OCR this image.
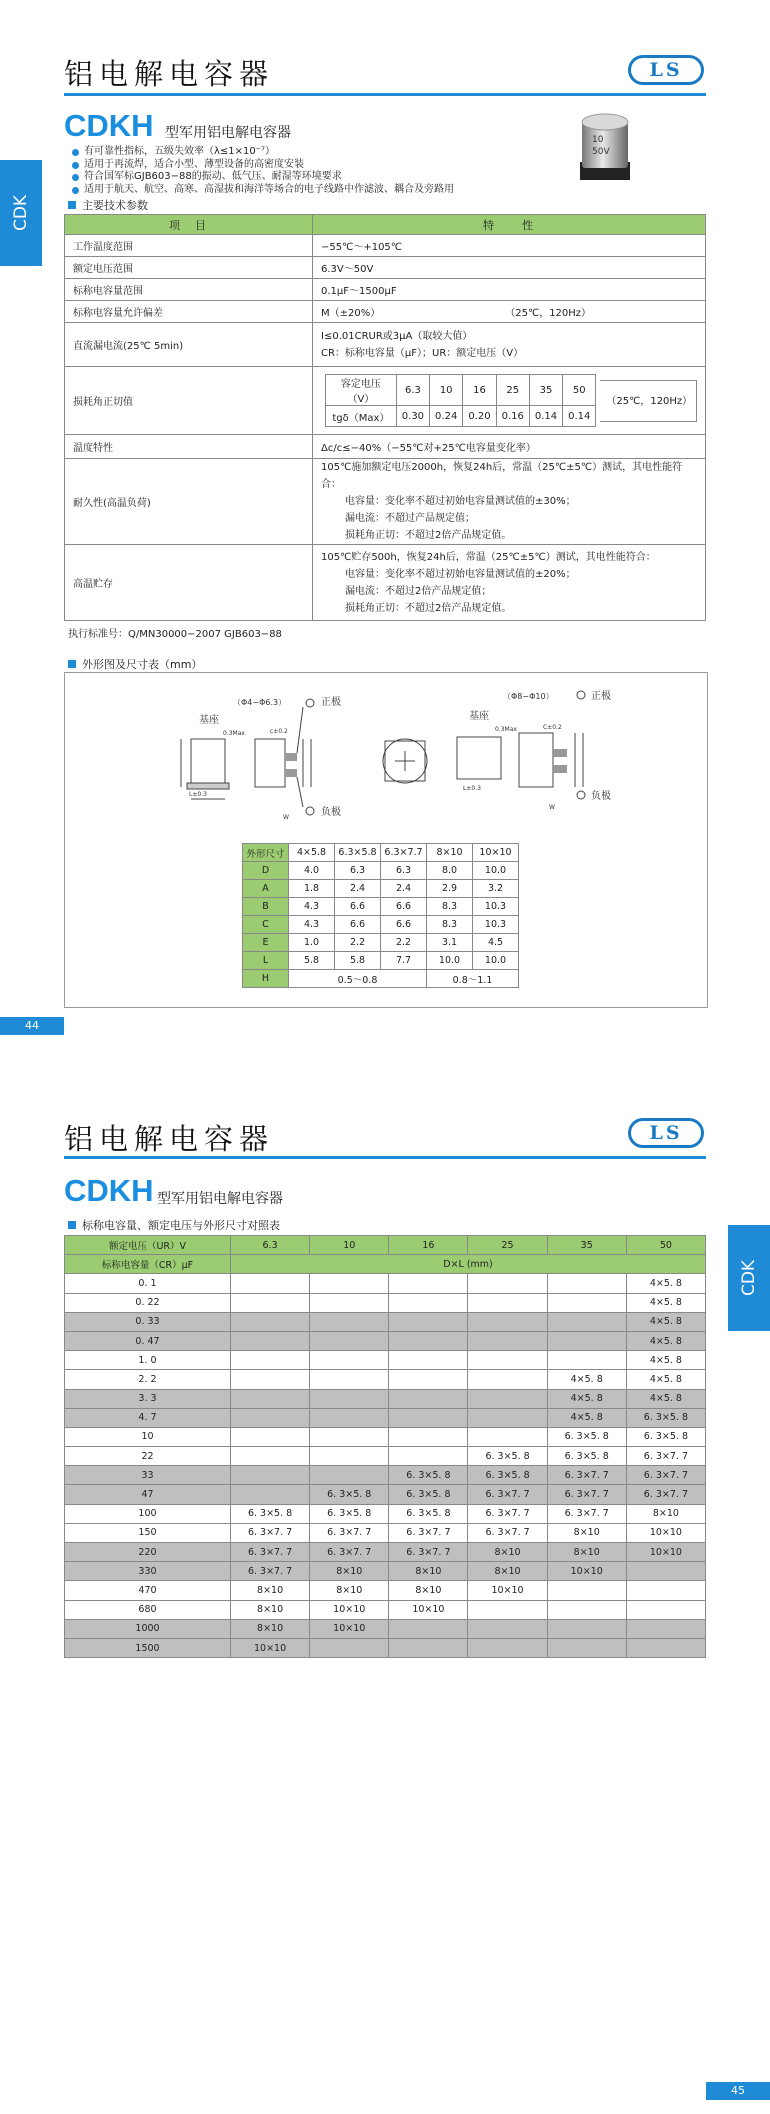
铝电解电容器	LS
CDK
CDKH 型军用铝电解电容器	10
50V
有可靠性指标，五级失效率（λ≤1×10⁻⁷）
适用于再流焊，适合小型、薄型设备的高密度安装
符合国军标GJB603−88的振动、低气压、耐湿等环境要求
适用于航天、航空、高寒、高湿拔和海洋等场合的电子线路中作滤波、耦合及旁路用
主要技术参数
项　目	特　　性
工作温度范围	−55℃～+105℃
额定电压范围	6.3V～50V
标称电容量范围	0.1μF～1500μF
标称电容量允许偏差	M（±20%）	（25℃，120Hz）
直流漏电流(25℃ 5min)	
I≤0.01CRUR或3μA（取较大值）
CR：标称电容量（μF）；UR：额定电压（V）

损耗角正切值	
容定电压（V）	6.3	10	16	25	35	50
tgδ（Max）	0.30	0.24	0.20	0.16	0.14	0.14
（25℃，120Hz）

温度特性	Δc/c≤−40%（−55℃对+25℃电容量变化率）
耐久性(高温负荷)	
105℃施加额定电压2000h，恢复24h后，常温（25℃±5℃）测试，其电性能符合：
电容量：变化率不超过初始电容量测试值的±30%；
漏电流：不超过产品规定值；
损耗角正切：不超过2倍产品规定值。

高温贮存	
105℃贮存500h，恢复24h后，常温（25℃±5℃）测试，其电性能符合：
电容量：变化率不超过初始电容量测试值的±20%；
漏电流：不超过2倍产品规定值；
损耗角正切：不超过2倍产品规定值。
执行标准号：Q/MN30000−2007 GJB603−88
外形图及尺寸表（mm）
（Φ4−Φ6.3）
基座
正极
负极
0.3Max	c±0.2
L±0.3
W
（Φ8−Φ10）
基座
正极
负极
0.3Max	C±0.2
L±0.3
W
外形尺寸	4×5.8	6.3×5.8	6.3×7.7	8×10	10×10
D	4.0	6.3	6.3	8.0	10.0
A	1.8	2.4	2.4	2.9	3.2
B	4.3	6.6	6.6	8.3	10.3
C	4.3	6.6	6.6	8.3	10.3
E	1.0	2.2	2.2	3.1	4.5
L	5.8	5.8	7.7	10.0	10.0
H	0.5～0.8			0.8～1.1	
44
铝电解电容器	LS
CDK
CDKH 型军用铝电解电容器
标称电容量、额定电压与外形尺寸对照表
额定电压（UR）V	6.3	10	16	25	35	50
标称电容量（CR）μF	D×L (mm)					
0. 1						4×5. 8
0. 22						4×5. 8
0. 33						4×5. 8
0. 47						4×5. 8
1. 0						4×5. 8
2. 2					4×5. 8	4×5. 8
3. 3					4×5. 8	4×5. 8
4. 7					4×5. 8	6. 3×5. 8
10					6. 3×5. 8	6. 3×5. 8
22				6. 3×5. 8	6. 3×5. 8	6. 3×7. 7
33			6. 3×5. 8	6. 3×5. 8	6. 3×7. 7	6. 3×7. 7
47		6. 3×5. 8	6. 3×5. 8	6. 3×7. 7	6. 3×7. 7	6. 3×7. 7
100	6. 3×5. 8	6. 3×5. 8	6. 3×5. 8	6. 3×7. 7	6. 3×7. 7	8×10
150	6. 3×7. 7	6. 3×7. 7	6. 3×7. 7	6. 3×7. 7	8×10	10×10
220	6. 3×7. 7	6. 3×7. 7	6. 3×7. 7	8×10	8×10	10×10
330	6. 3×7. 7	8×10	8×10	8×10	10×10	
470	8×10	8×10	8×10	10×10		
680	8×10	10×10	10×10			
1000	8×10	10×10				
1500	10×10					
45
